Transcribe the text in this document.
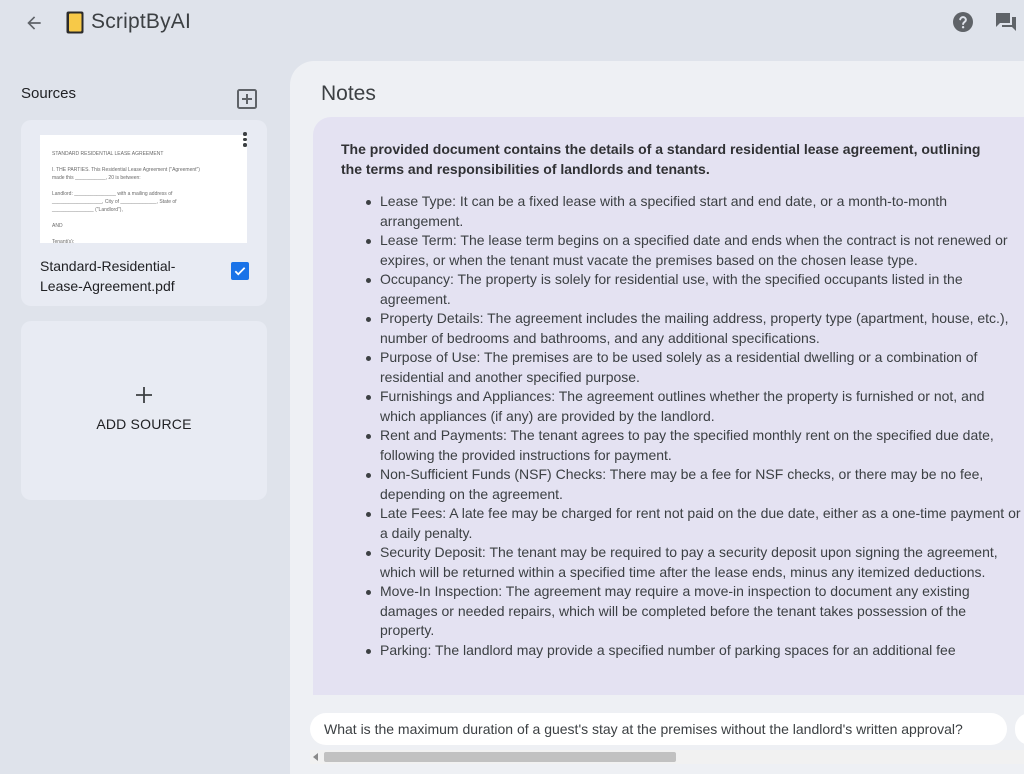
ScriptByAI
Sources
STANDARD RESIDENTIAL LEASE AGREEMENT

I. THE PARTIES. This Residential Lease Agreement ("Agreement")
made this ___________, 20 is between:

Landlord: _______________ with a mailing address of
__________________, City of _____________, State of
_______________ ("Landlord"),

AND

Tenant(s): ________________________________

Standard-Residential-Lease-Agreement.pdf
ADD SOURCE
Notes
The provided document contains the details of a standard residential lease agreement, outlining the terms and responsibilities of landlords and tenants.
Lease Type: It can be a fixed lease with a specified start and end date, or a month-to-month arrangement.
Lease Term: The lease term begins on a specified date and ends when the contract is not renewed or expires, or when the tenant must vacate the premises based on the chosen lease type.
Occupancy: The property is solely for residential use, with the specified occupants listed in the agreement.
Property Details: The agreement includes the mailing address, property type (apartment, house, etc.), number of bedrooms and bathrooms, and any additional specifications.
Purpose of Use: The premises are to be used solely as a residential dwelling or a combination of residential and another specified purpose.
Furnishings and Appliances: The agreement outlines whether the property is furnished or not, and which appliances (if any) are provided by the landlord.
Rent and Payments: The tenant agrees to pay the specified monthly rent on the specified due date, following the provided instructions for payment.
Non-Sufficient Funds (NSF) Checks: There may be a fee for NSF checks, or there may be no fee, depending on the agreement.
Late Fees: A late fee may be charged for rent not paid on the due date, either as a one-time payment or a daily penalty.
Security Deposit: The tenant may be required to pay a security deposit upon signing the agreement, which will be returned within a specified time after the lease ends, minus any itemized deductions.
Move-In Inspection: The agreement may require a move-in inspection to document any existing damages or needed repairs, which will be completed before the tenant takes possession of the property.
Parking: The landlord may provide a specified number of parking spaces for an additional fee
What is the maximum duration of a guest's stay at the premises without the landlord's written approval?
